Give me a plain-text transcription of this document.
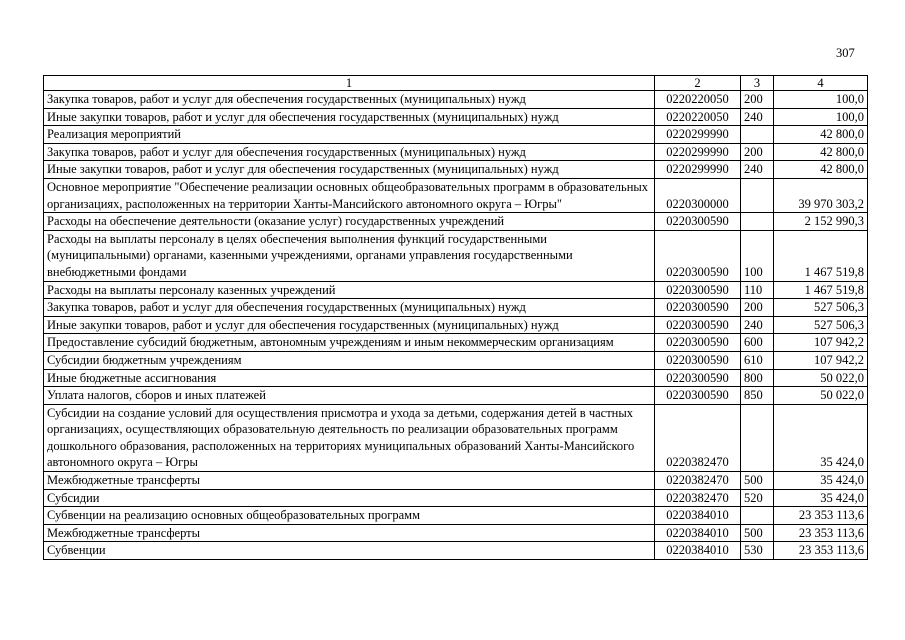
307
1	2	3	4
Закупка товаров, работ и услуг для обеспечения государственных (муниципальных) нужд	0220220050	200	100,0
Иные закупки товаров, работ и услуг для обеспечения государственных (муниципальных) нужд	0220220050	240	100,0
Реализация мероприятий	0220299990		42 800,0
Закупка товаров, работ и услуг для обеспечения государственных (муниципальных) нужд	0220299990	200	42 800,0
Иные закупки товаров, работ и услуг для обеспечения государственных (муниципальных) нужд	0220299990	240	42 800,0
Основное мероприятие "Обеспечение реализации основных общеобразовательных программ в образовательных организациях, расположенных на территории Ханты-Мансийского автономного округа – Югры"	0220300000		39 970 303,2
Расходы на обеспечение деятельности (оказание услуг) государственных учреждений	0220300590		2 152 990,3
Расходы на выплаты персоналу в целях обеспечения выполнения функций государственными (муниципальными) органами, казенными учреждениями, органами управления государственными внебюджетными фондами	0220300590	100	1 467 519,8
Расходы на выплаты персоналу казенных учреждений	0220300590	110	1 467 519,8
Закупка товаров, работ и услуг для обеспечения государственных (муниципальных) нужд	0220300590	200	527 506,3
Иные закупки товаров, работ и услуг для обеспечения государственных (муниципальных) нужд	0220300590	240	527 506,3
Предоставление субсидий бюджетным, автономным учреждениям и иным некоммерческим организациям	0220300590	600	107 942,2
Субсидии бюджетным учреждениям	0220300590	610	107 942,2
Иные бюджетные ассигнования	0220300590	800	50 022,0
Уплата налогов, сборов и иных платежей	0220300590	850	50 022,0
Субсидии на создание условий для осуществления присмотра и ухода за детьми, содержания детей в частных организациях, осуществляющих образовательную деятельность по реализации образовательных программ дошкольного образования, расположенных на территориях муниципальных образований Ханты-Мансийского автономного округа – Югры	0220382470		35 424,0
Межбюджетные трансферты	0220382470	500	35 424,0
Субсидии	0220382470	520	35 424,0
Субвенции на реализацию основных общеобразовательных программ	0220384010		23 353 113,6
Межбюджетные трансферты	0220384010	500	23 353 113,6
Субвенции	0220384010	530	23 353 113,6
